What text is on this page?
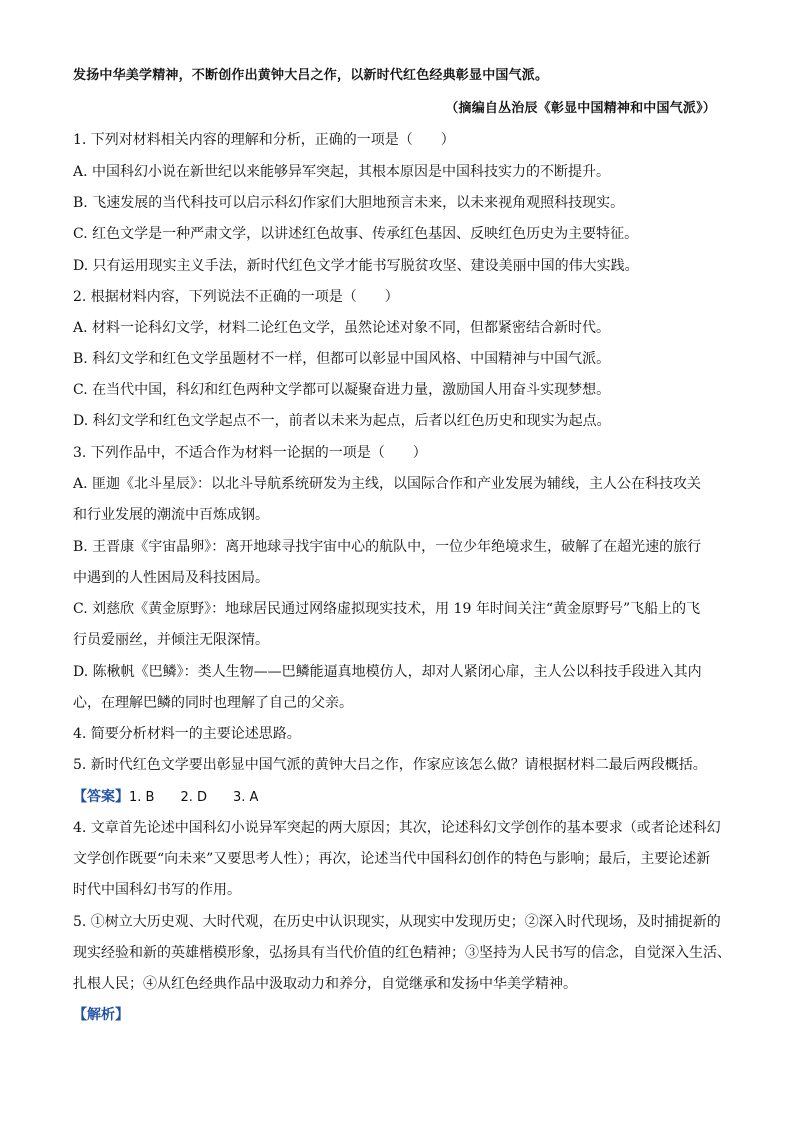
发扬中华美学精神，不断创作出黄钟大吕之作，以新时代红色经典彰显中国气派。
（摘编自丛治辰《彰显中国精神和中国气派》）
1. 下列对材料相关内容的理解和分析，正确的一项是（　　）
A. 中国科幻小说在新世纪以来能够异军突起，其根本原因是中国科技实力的不断提升。
B. 飞速发展的当代科技可以启示科幻作家们大胆地预言未来，以未来视角观照科技现实。
C. 红色文学是一种严肃文学，以讲述红色故事、传承红色基因、反映红色历史为主要特征。
D. 只有运用现实主义手法，新时代红色文学才能书写脱贫攻坚、建设美丽中国的伟大实践。
2. 根据材料内容，下列说法不正确的一项是（　　）
A. 材料一论科幻文学，材料二论红色文学，虽然论述对象不同，但都紧密结合新时代。
B. 科幻文学和红色文学虽题材不一样，但都可以彰显中国风格、中国精神与中国气派。
C. 在当代中国，科幻和红色两种文学都可以凝聚奋进力量，激励国人用奋斗实现梦想。
D. 科幻文学和红色文学起点不一，前者以未来为起点，后者以红色历史和现实为起点。
3. 下列作品中，不适合作为材料一论据的一项是（　　）
A. 匪迦《北斗星辰》：以北斗导航系统研发为主线，以国际合作和产业发展为辅线，主人公在科技攻关
和行业发展的潮流中百炼成钢。
B. 王晋康《宇宙晶卵》：离开地球寻找宇宙中心的航队中，一位少年绝境求生，破解了在超光速的旅行
中遇到的人性困局及科技困局。
C. 刘慈欣《黄金原野》：地球居民通过网络虚拟现实技术，用 19 年时间关注“黄金原野号”飞船上的飞
行员爱丽丝，并倾注无限深情。
D. 陈楸帆《巴鳞》：类人生物——巴鳞能逼真地模仿人，却对人紧闭心扉，主人公以科技手段进入其内
心，在理解巴鳞的同时也理解了自己的父亲。
4. 简要分析材料一的主要论述思路。
5. 新时代红色文学要出彰显中国气派的黄钟大吕之作，作家应该怎么做？请根据材料二最后两段概括。
【答案】1. B　　2. D　　3. A
4. 文章首先论述中国科幻小说异军突起的两大原因；其次，论述科幻文学创作的基本要求（或者论述科幻
文学创作既要“向未来”又要思考人性）；再次，论述当代中国科幻创作的特色与影响；最后，主要论述新
时代中国科幻书写的作用。
5. ①树立大历史观、大时代观，在历史中认识现实，从现实中发现历史；②深入时代现场，及时捕捉新的
现实经验和新的英雄楷模形象，弘扬具有当代价值的红色精神；③坚持为人民书写的信念，自觉深入生活、
扎根人民；④从红色经典作品中汲取动力和养分，自觉继承和发扬中华美学精神。
【解析】
